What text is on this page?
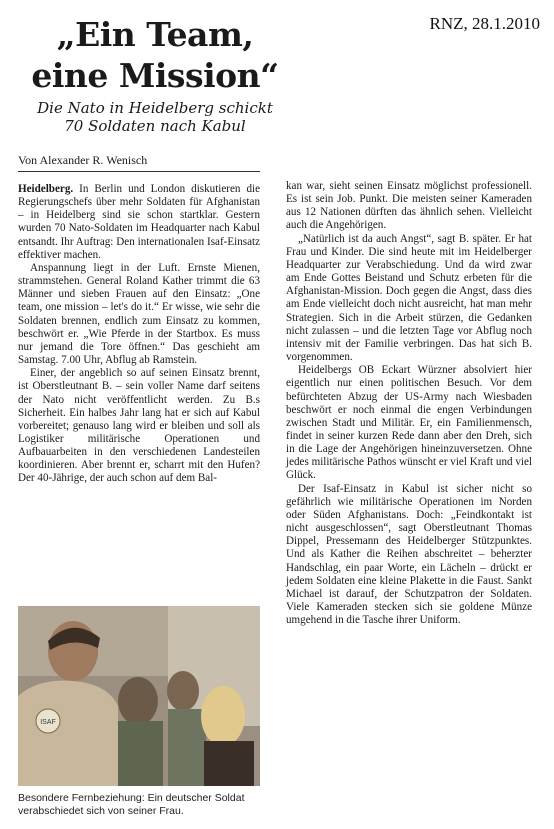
RNZ, 28.1.2010
„Ein Team,
eine Mission“
Die Nato in Heidelberg schickt
70 Soldaten nach Kabul
Von Alexander R. Wenisch

Heidelberg. In Berlin und London diskutieren die Regierungschefs über mehr Soldaten für Afghanistan – in Heidelberg sind sie schon startklar. Gestern wurden 70 Nato-Soldaten im Headquarter nach Kabul entsandt. Ihr Auftrag: Den internationalen Isaf-Einsatz effektiver machen.

Anspannung liegt in der Luft. Ernste Mienen, strammstehen. General Roland Kather trimmt die 63 Männer und sieben Frauen auf den Einsatz: „One team, one mission – let's do it.“ Er wisse, wie sehr die Soldaten brennen, endlich zum Einsatz zu kommen, beschwört er. „Wie Pferde in der Startbox. Es muss nur jemand die Tore öffnen.“ Das geschieht am Samstag. 7.00 Uhr, Abflug ab Ramstein.

Einer, der angeblich so auf seinen Einsatz brennt, ist Oberstleutnant B. – sein voller Name darf seitens der Nato nicht veröffentlicht werden. Zu B.s Sicherheit. Ein halbes Jahr lang hat er sich auf Kabul vorbereitet; genauso lang wird er bleiben und soll als Logistiker militärische Operationen und Aufbauarbeiten in den verschiedenen Landesteilen koordinieren. Aber brennt er, scharrt mit den Hufen? Der 40-Jährige, der auch schon auf dem Bal-

kan war, sieht seinen Einsatz möglichst professionell. Es ist sein Job. Punkt. Die meisten seiner Kameraden aus 12 Nationen dürften das ähnlich sehen. Vielleicht auch die Angehörigen.

„Natürlich ist da auch Angst“, sagt B. später. Er hat Frau und Kinder. Die sind heute mit im Heidelberger Headquarter zur Verabschiedung. Und da wird zwar am Ende Gottes Beistand und Schutz erbeten für die Afghanistan-Mission. Doch gegen die Angst, dass dies am Ende vielleicht doch nicht ausreicht, hat man mehr Strategien. Sich in die Arbeit stürzen, die Gedanken nicht zulassen – und die letzten Tage vor Abflug noch intensiv mit der Familie verbringen. Das hat sich B. vorgenommen.

Heidelbergs OB Eckart Würzner absolviert hier eigentlich nur einen politischen Besuch. Vor dem befürchteten Abzug der US-Army nach Wiesbaden beschwört er noch einmal die engen Verbindungen zwischen Stadt und Militär. Er, ein Familienmensch, findet in seiner kurzen Rede dann aber den Dreh, sich in die Lage der Angehörigen hineinzuversetzen. Ohne jedes militärische Pathos wünscht er viel Kraft und viel Glück.

Der Isaf-Einsatz in Kabul ist sicher nicht so gefährlich wie militärische Operationen im Norden oder Süden Afghanistans. Doch: „Feindkontakt ist nicht ausgeschlossen“, sagt Oberstleutnant Thomas Dippel, Pressemann des Heidelberger Stützpunktes. Und als Kather die Reihen abschreitet – beherzter Handschlag, ein paar Worte, ein Lächeln – drückt er jedem Soldaten eine kleine Plakette in die Faust. Sankt Michael ist darauf, der Schutzpatron der Soldaten. Viele Kameraden stecken sich sie goldene Münze umgehend in die Tasche ihrer Uniform.

ISAF
Besondere Fernbeziehung: Ein deutscher Soldat verabschiedet sich von seiner Frau.
